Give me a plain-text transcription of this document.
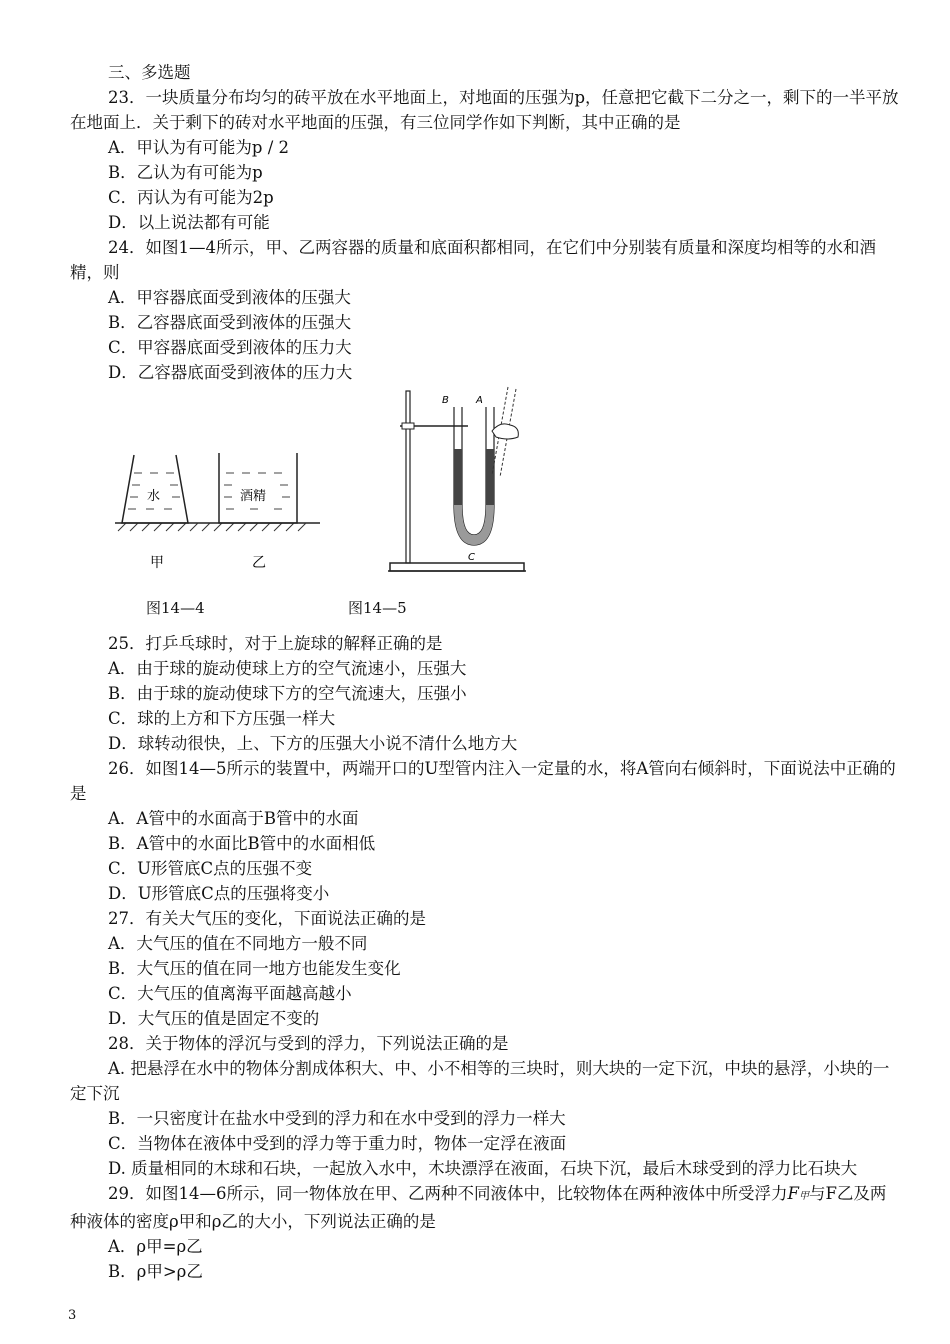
三、多选题
23．一块质量分布均匀的砖平放在水平地面上，对地面的压强为p，任意把它截下二分之一，剩下的一半平放在地面上．关于剩下的砖对水平地面的压强，有三位同学作如下判断，其中正确的是
A．甲认为有可能为p / 2
B．乙认为有可能为p
C．丙认为有可能为2p
D．以上说法都有可能
24．如图1—4所示，甲、乙两容器的质量和底面积都相同，在它们中分别装有质量和深度均相等的水和酒精，则
A．甲容器底面受到液体的压强大
B．乙容器底面受到液体的压强大
C．甲容器底面受到液体的压力大
D．乙容器底面受到液体的压力大
水	酒精
甲	乙
B	A
C
图14—4	图14—5
25．打乒乓球时，对于上旋球的解释正确的是
A．由于球的旋动使球上方的空气流速小，压强大
B．由于球的旋动使球下方的空气流速大，压强小
C．球的上方和下方压强一样大
D．球转动很快，上、下方的压强大小说不清什么地方大
26．如图14—5所示的装置中，两端开口的U型管内注入一定量的水，将A管向右倾斜时，下面说法中正确的是
A．A管中的水面高于B管中的水面
B．A管中的水面比B管中的水面相低
C．U形管底C点的压强不变
D．U形管底C点的压强将变小
27．有关大气压的变化，下面说法正确的是
A．大气压的值在不同地方一般不同
B．大气压的值在同一地方也能发生变化
C．大气压的值离海平面越高越小
D．大气压的值是固定不变的
28．关于物体的浮沉与受到的浮力，下列说法正确的是
A. 把悬浮在水中的物体分割成体积大、中、小不相等的三块时，则大块的一定下沉，中块的悬浮，小块的一定下沉
B．一只密度计在盐水中受到的浮力和在水中受到的浮力一样大
C．当物体在液体中受到的浮力等于重力时，物体一定浮在液面
D. 质量相同的木球和石块，一起放入水中，木块漂浮在液面，石块下沉，最后木球受到的浮力比石块大
29．如图14—6所示，同一物体放在甲、乙两种不同液体中，比较物体在两种液体中所受浮力F甲与F乙及两种液体的密度ρ甲和ρ乙的大小，下列说法正确的是
A．ρ甲=ρ乙
B．ρ甲>ρ乙
3
